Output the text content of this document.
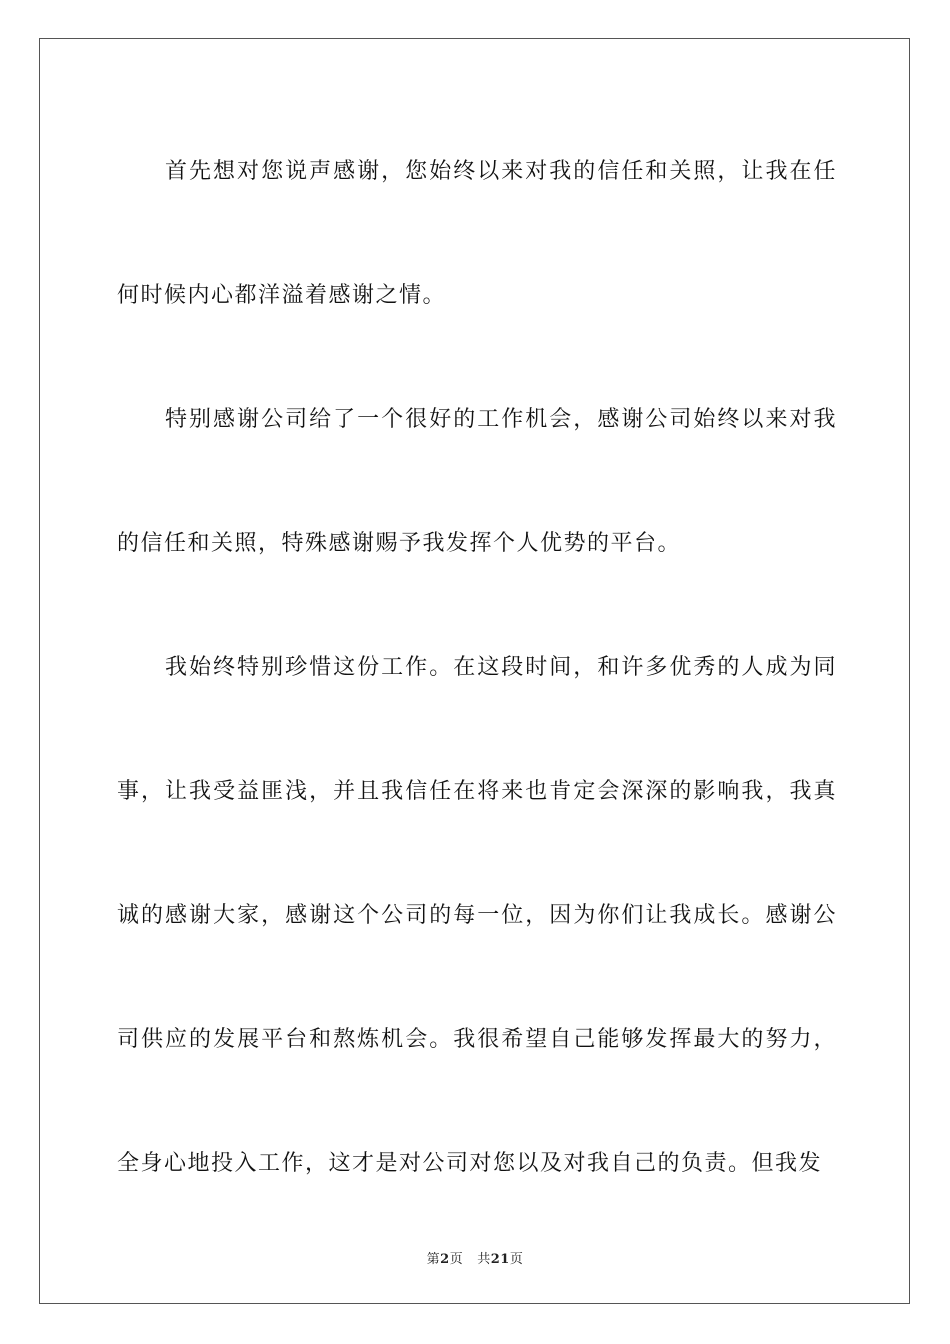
首先想对您说声感谢，您始终以来对我的信任和关照，让我在任何时候内心都洋溢着感谢之情。

特别感谢公司给了一个很好的工作机会，感谢公司始终以来对我的信任和关照，特殊感谢赐予我发挥个人优势的平台。

我始终特别珍惜这份工作。在这段时间，和许多优秀的人成为同事，让我受益匪浅，并且我信任在将来也肯定会深深的影响我，我真诚的感谢大家，感谢这个公司的每一位，因为你们让我成长。感谢公司供应的发展平台和熬炼机会。我很希望自己能够发挥最大的努力，全身心地投入工作，这才是对公司对您以及对我自己的负责。但我发

第2页 共21页
